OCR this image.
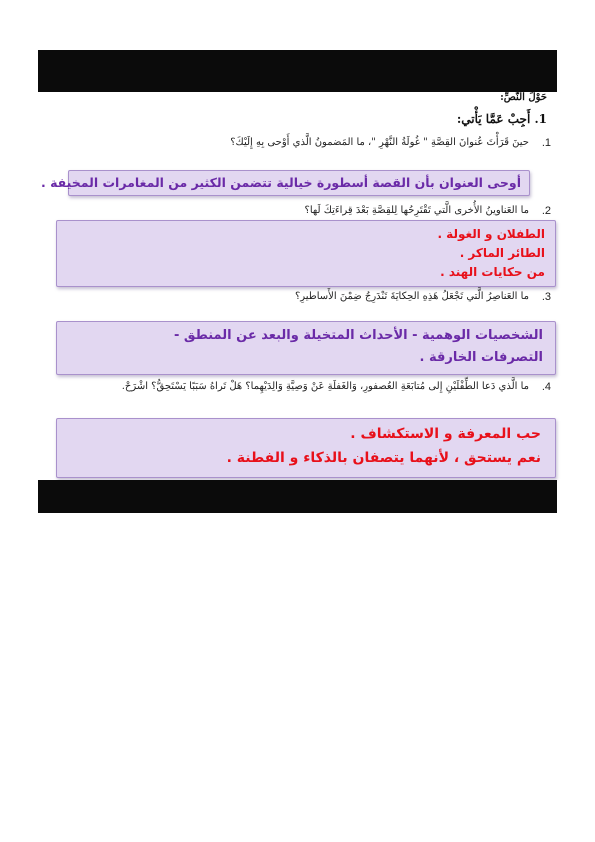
حَوْلَ النَّصِّ:
1. أَجِبْ عَمَّا يَأْتي:
1.
حينَ قَرَأْتَ عُنوانَ القِصَّةِ " غُولَةُ النَّهْرِ "، ما المَضمونُ الَّذي أَوْحى بِهِ إِلَيْكَ؟
أوحى العنوان بأن القصة أسطورة خيالية تتضمن الكثير من المغامرات المخيفة .
2.
ما العَناوينُ الأُخرى الَّتي تَقْتَرِحُها لِلقِصَّةِ بَعْدَ قِراءَتِكَ لَها؟
الطفلان و الغولة .
الطائر الماكر .
من حكايات الهند .
3.
ما العَناصِرُ الَّتي تَجْعَلُ هَذِهِ الحِكايَةَ تَنْدَرِجُ ضِمْنَ الأَساطيرِ؟
الشخصيات الوهمية - الأحداث المتخيلة والبعد عن المنطق -
التصرفات الخارقة .
4.
ما الَّذي دَعا الطِّفْلَيْنِ إِلى مُتابَعَةِ العُصفورِ، وَالغَفلَةِ عَنْ وَصِيَّةِ وَالِدَيْهِما؟ هَلْ تَراهُ سَبَبًا يَسْتَحِقُّ؟ اشْرَحْ.
حب المعرفة و الاستكشاف .
نعم يستحق ، لأنهما يتصفان بالذكاء و الفطنة .
